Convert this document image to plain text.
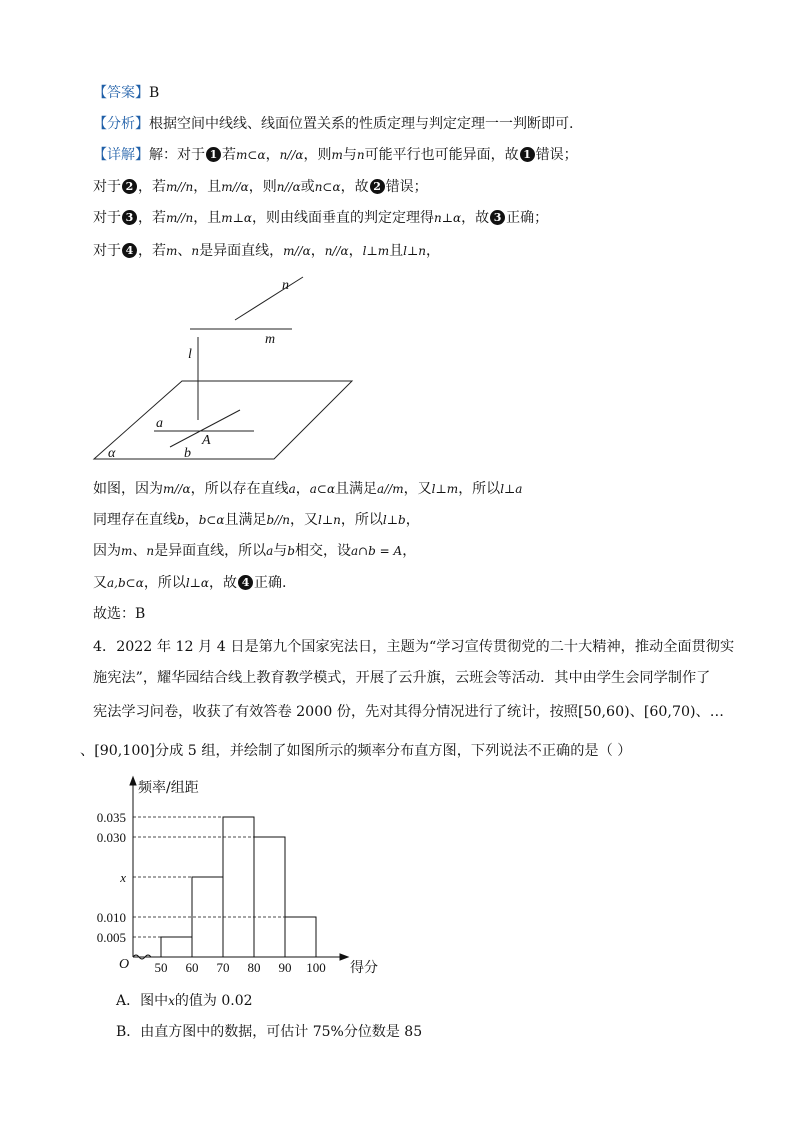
【答案】B
【分析】根据空间中线线、线面位置关系的性质定理与判定定理一一判断即可.
【详解】解：对于 1 若m⊂α，n//α，则m与n可能平行也可能异面，故 1 错误；
对于 2 ，若m//n，且m//α，则n//α或n⊂α，故 2 错误；
对于 3 ，若m//n，且m⊥α，则由线面垂直的判定定理得n⊥α，故 3 正确；
对于 4 ，若m、n是异面直线，m//α，n//α，l⊥m且l⊥n，
n
m
l
a
A
b
α
如图，因为m//α，所以存在直线a，a⊂α且满足a//m，又l⊥m，所以l⊥a
同理存在直线b，b⊂α且满足b//n，又l⊥n，所以l⊥b，
因为m、n是异面直线，所以a与b相交，设a∩b = A，
又a,b⊂α，所以l⊥α，故 4 正确.
故选：B
4．2022 年 12 月 4 日是第九个国家宪法日，主题为“学习宣传贯彻党的二十大精神，推动全面贯彻实
施宪法”，耀华园结合线上教育教学模式，开展了云升旗，云班会等活动．其中由学生会同学制作了
宪法学习问卷，收获了有效答卷 2000 份，先对其得分情况进行了统计，按照[50,60)、[60,70)、…
、[90,100]分成 5 组，并绘制了如图所示的频率分布直方图，下列说法不正确的是（ ）
频率/组距
得分
O
0.035
0.030
x
0.010
0.005
50 60 70 80 90 100
A．图中x的值为 0.02
B．由直方图中的数据，可估计 75%分位数是 85
